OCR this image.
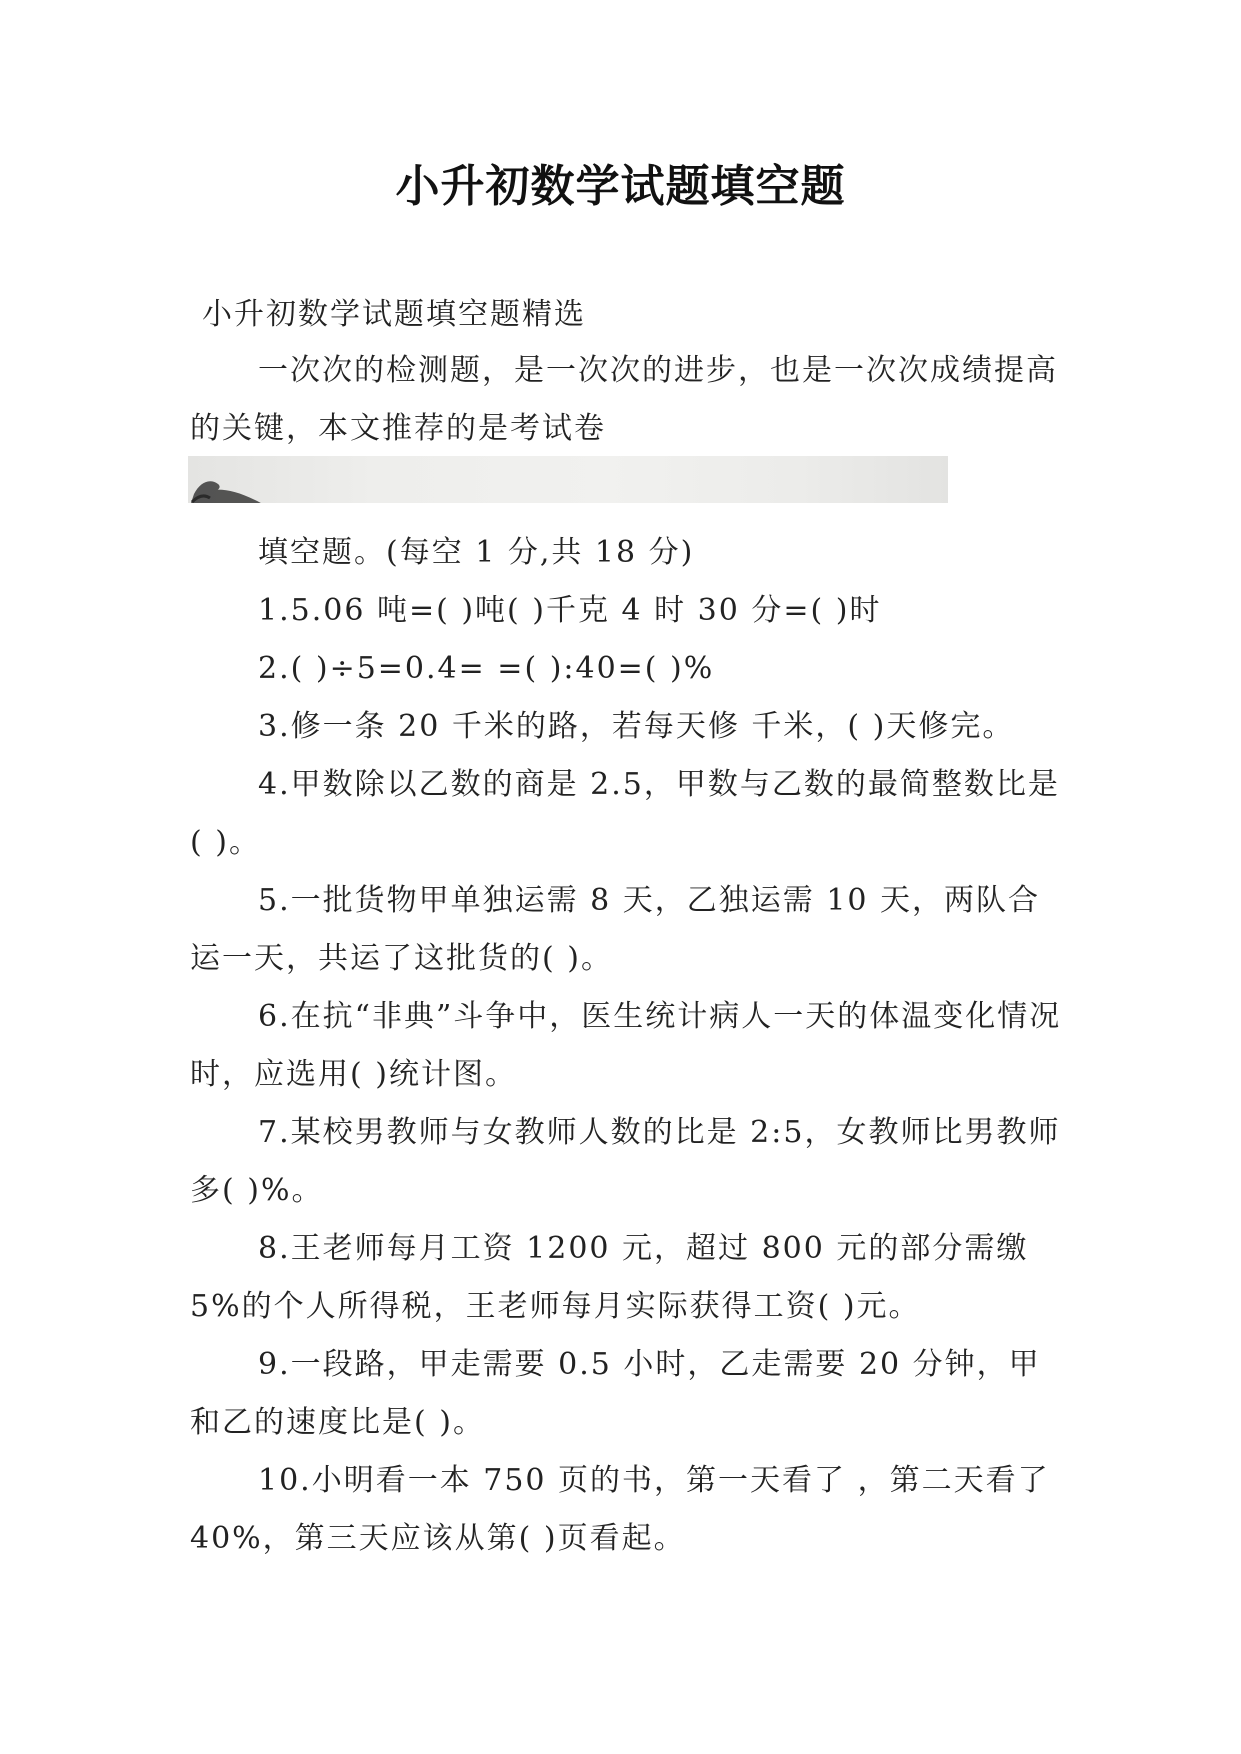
小升初数学试题填空题
小升初数学试题填空题精选
一次次的检测题，是一次次的进步，也是一次次成绩提高的关键，本文推荐的是考试卷
填空题。(每空 1 分,共 18 分)
1.5.06 吨=( )吨( )千克 4 时 30 分=( )时
2.( )÷5=0.4= =( ):40=( )%
3.修一条 20 千米的路，若每天修 千米，( )天修完。
4.甲数除以乙数的商是 2.5，甲数与乙数的最简整数比是( )。
5.一批货物甲单独运需 8 天，乙独运需 10 天，两队合运一天，共运了这批货的( )。
6.在抗“非典”斗争中，医生统计病人一天的体温变化情况时，应选用( )统计图。
7.某校男教师与女教师人数的比是 2:5，女教师比男教师多( )%。
8.王老师每月工资 1200 元，超过 800 元的部分需缴 5%的个人所得税，王老师每月实际获得工资( )元。
9.一段路，甲走需要 0.5 小时，乙走需要 20 分钟，甲和乙的速度比是( )。
10.小明看一本 750 页的书，第一天看了 ，第二天看了40%，第三天应该从第( )页看起。
